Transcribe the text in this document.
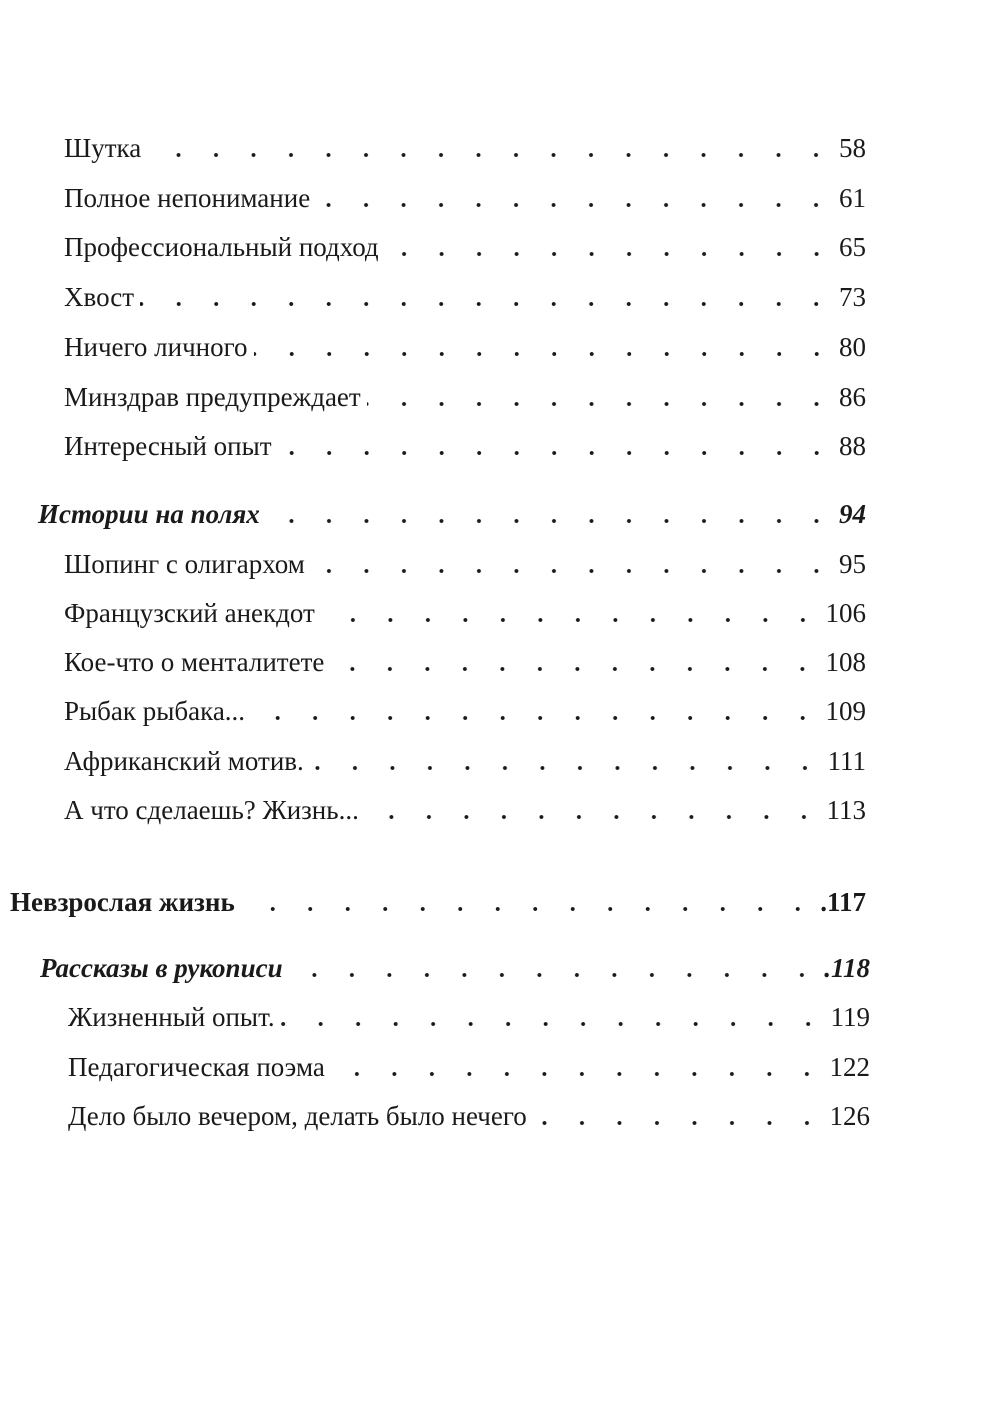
Шутка	58
Полное непонимание	61
Профессиональный подход	65
Хвост	73
Ничего личного	80
Минздрав предупреждает	86
Интересный опыт	88
Истории на полях	94
Шопинг с олигархом	95
Французский анекдот	106
Кое-что о менталитете	108
Рыбак рыбака...	109
Африканский мотив.	111
А что сделаешь? Жизнь...	113
Невзрослая жизнь	.117
Рассказы в рукописи	.118
Жизненный опыт.	119
Педагогическая поэма	122
Дело было вечером, делать было нечего	126
